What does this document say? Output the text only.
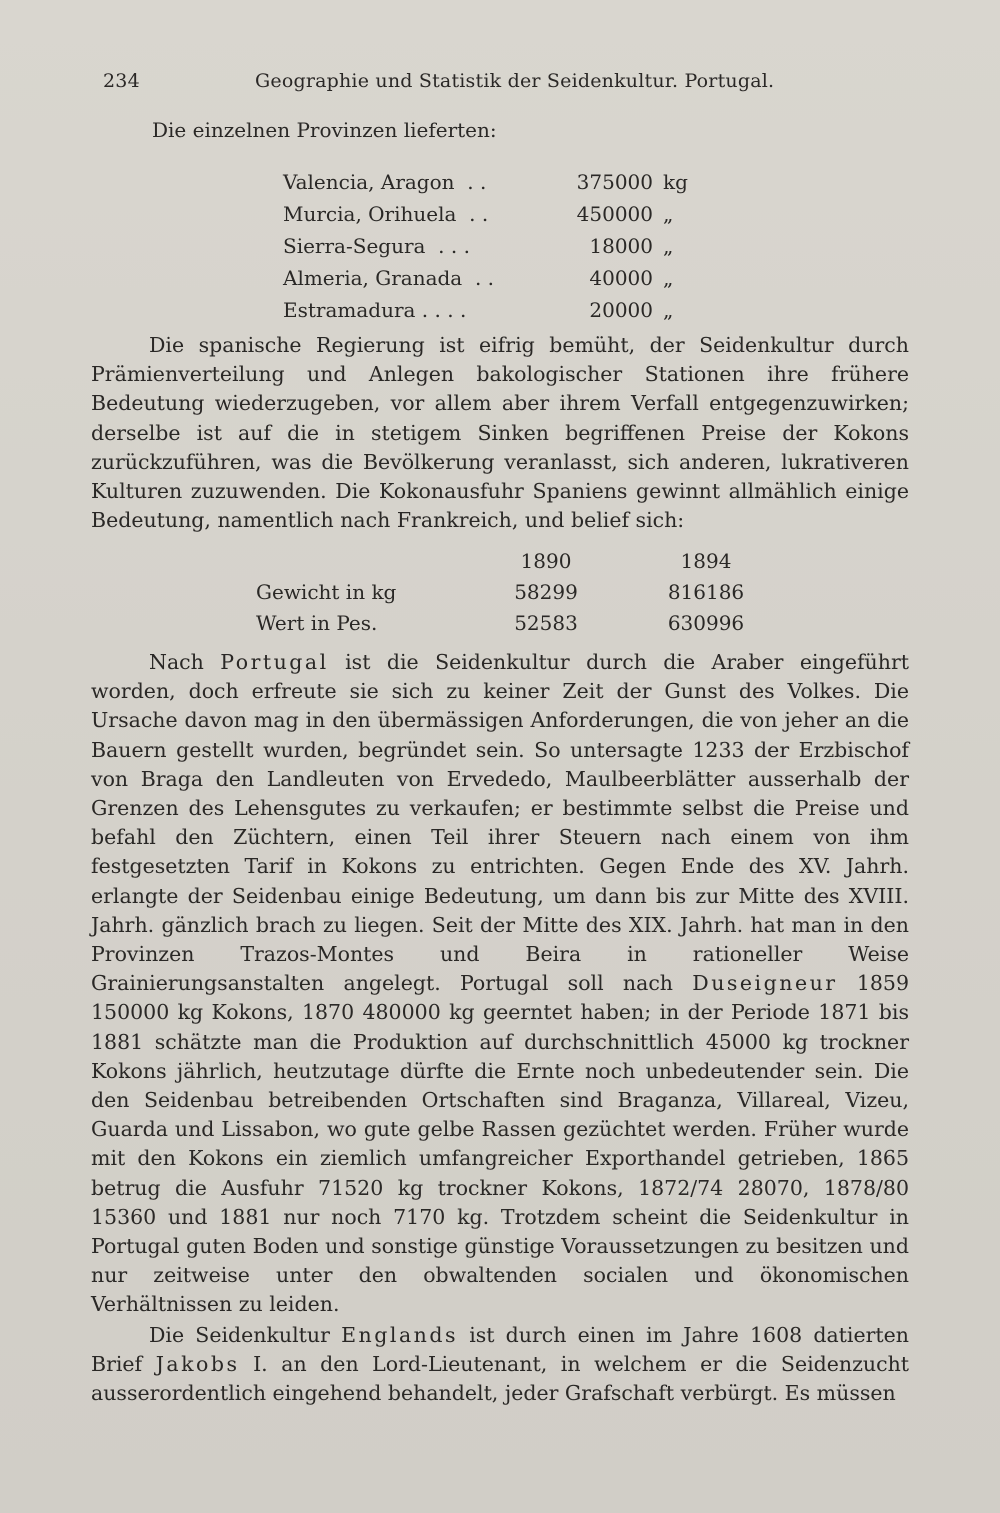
234	Geographie und Statistik der Seidenkultur. Portugal.
Die einzelnen Provinzen lieferten:
Valencia, Aragon  . .	375000	kg
Murcia, Orihuela  . .	450000	„
Sierra-Segura  . . .	18000	„
Almeria, Granada  . .	40000	„
Estramadura . . . .	20000	„

Die spanische Regierung ist eifrig bemüht, der Seidenkultur durch Prämienverteilung und Anlegen bakologischer Stationen ihre frühere Bedeutung wiederzugeben, vor allem aber ihrem Verfall entgegenzuwirken; derselbe ist auf die in stetigem Sinken begriffenen Preise der Kokons zurückzuführen, was die Bevölkerung veranlasst, sich anderen, lukrativeren Kulturen zuzuwenden. Die Kokonausfuhr Spaniens gewinnt allmählich einige Bedeutung, namentlich nach Frankreich, und belief sich:

	1890	1894
Gewicht in kg	58299	816186
Wert in Pes.	52583	630996

Nach Portugal ist die Seidenkultur durch die Araber eingeführt worden, doch erfreute sie sich zu keiner Zeit der Gunst des Volkes. Die Ursache davon mag in den übermässigen Anforderungen, die von jeher an die Bauern gestellt wurden, begründet sein. So untersagte 1233 der Erzbischof von Braga den Landleuten von Ervededo, Maulbeerblätter ausserhalb der Grenzen des Lehensgutes zu verkaufen; er bestimmte selbst die Preise und befahl den Züchtern, einen Teil ihrer Steuern nach einem von ihm festgesetzten Tarif in Kokons zu entrichten. Gegen Ende des XV. Jahrh. erlangte der Seidenbau einige Bedeutung, um dann bis zur Mitte des XVIII. Jahrh. gänzlich brach zu liegen. Seit der Mitte des XIX. Jahrh. hat man in den Provinzen Trazos-Montes und Beira in rationeller Weise Grainierungsanstalten angelegt. Portugal soll nach Duseigneur 1859 150000 kg Kokons, 1870 480000 kg geerntet haben; in der Periode 1871 bis 1881 schätzte man die Produktion auf durchschnittlich 45000 kg trockner Kokons jährlich, heutzutage dürfte die Ernte noch unbedeutender sein. Die den Seidenbau betreibenden Ortschaften sind Braganza, Villareal, Vizeu, Guarda und Lissabon, wo gute gelbe Rassen gezüchtet werden. Früher wurde mit den Kokons ein ziemlich umfangreicher Exporthandel getrieben, 1865 betrug die Ausfuhr 71520 kg trockner Kokons, 1872/74 28070, 1878/80 15360 und 1881 nur noch 7170 kg. Trotzdem scheint die Seidenkultur in Portugal guten Boden und sonstige günstige Voraussetzungen zu besitzen und nur zeitweise unter den obwaltenden socialen und ökonomischen Verhältnissen zu leiden.

Die Seidenkultur Englands ist durch einen im Jahre 1608 datierten Brief Jakobs I. an den Lord-Lieutenant, in welchem er die Seidenzucht ausserordentlich eingehend behandelt, jeder Grafschaft verbürgt. Es müssen
